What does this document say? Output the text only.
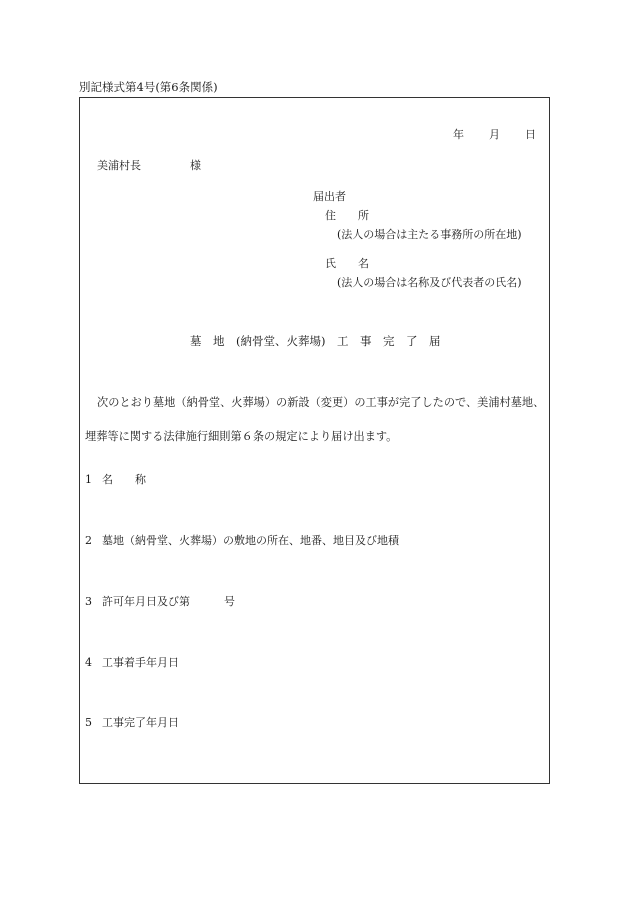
別記様式第4号(第6条関係)
年 月 日
美浦村長	様
届出者
住　　所
(法人の場合は主たる事務所の所在地)
氏　　名
(法人の場合は名称及び代表者の氏名)
墓　地　(納骨堂、火葬場)　工　事　完　了　届
次のとおり墓地（納骨堂、火葬場）の新設（変更）の工事が完了したので、美浦村墓地、
埋葬等に関する法律施行細則第６条の規定により届け出ます。
1 名　　称
2 墓地（納骨堂、火葬場）の敷地の所在、地番、地目及び地積
3 許可年月日及び第	号
4 工事着手年月日
5 工事完了年月日
